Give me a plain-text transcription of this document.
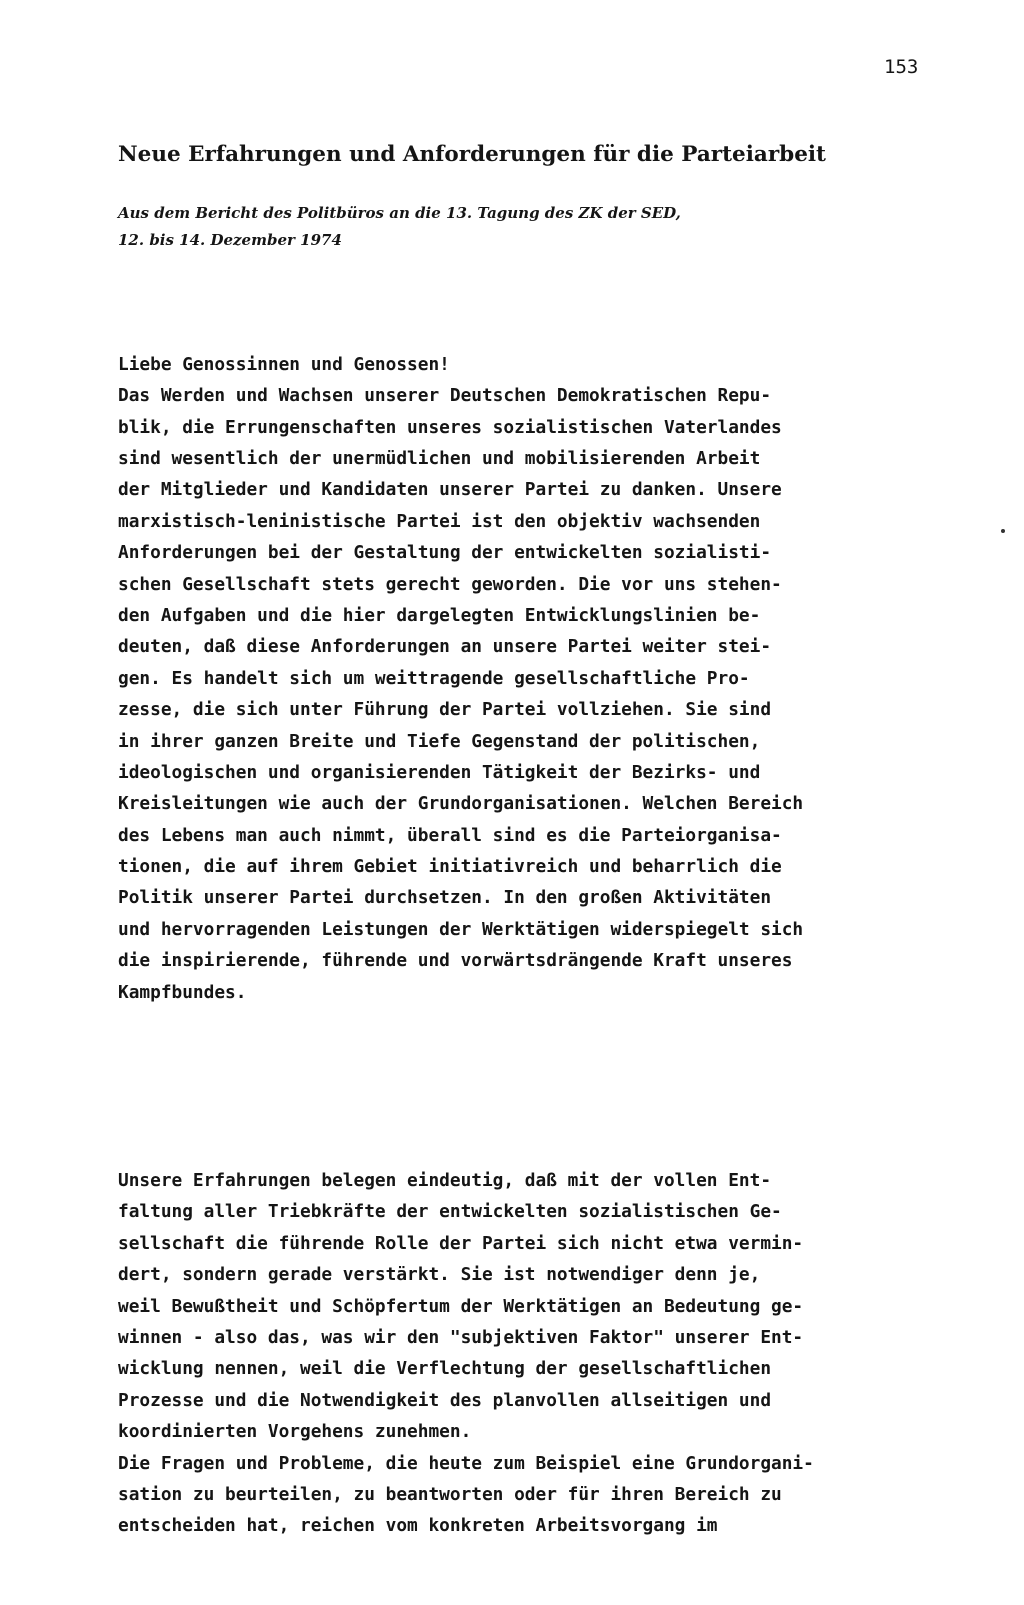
153
Neue Erfahrungen und Anforderungen für die Parteiarbeit
Aus dem Bericht des Politbüros an die 13. Tagung des ZK der SED,
12. bis 14. Dezember 1974

Liebe Genossinnen und Genossen!
Das Werden und Wachsen unserer Deutschen Demokratischen Repu-
blik, die Errungenschaften unseres sozialistischen Vaterlandes
sind wesentlich der unermüdlichen und mobilisierenden Arbeit
der Mitglieder und Kandidaten unserer Partei zu danken. Unsere
marxistisch-leninistische Partei ist den objektiv wachsenden
Anforderungen bei der Gestaltung der entwickelten sozialisti-
schen Gesellschaft stets gerecht geworden. Die vor uns stehen-
den Aufgaben und die hier dargelegten Entwicklungslinien be-
deuten, daß diese Anforderungen an unsere Partei weiter stei-
gen. Es handelt sich um weittragende gesellschaftliche Pro-
zesse, die sich unter Führung der Partei vollziehen. Sie sind
in ihrer ganzen Breite und Tiefe Gegenstand der politischen,
ideologischen und organisierenden Tätigkeit der Bezirks- und
Kreisleitungen wie auch der Grundorganisationen. Welchen Bereich
des Lebens man auch nimmt, überall sind es die Parteiorganisa-
tionen, die auf ihrem Gebiet initiativreich und beharrlich die
Politik unserer Partei durchsetzen. In den großen Aktivitäten
und hervorragenden Leistungen der Werktätigen widerspiegelt sich
die inspirierende, führende und vorwärtsdrängende Kraft unseres
Kampfbundes.

Unsere Erfahrungen belegen eindeutig, daß mit der vollen Ent-
faltung aller Triebkräfte der entwickelten sozialistischen Ge-
sellschaft die führende Rolle der Partei sich nicht etwa vermin-
dert, sondern gerade verstärkt. Sie ist notwendiger denn je,
weil Bewußtheit und Schöpfertum der Werktätigen an Bedeutung ge-
winnen - also das, was wir den "subjektiven Faktor" unserer Ent-
wicklung nennen, weil die Verflechtung der gesellschaftlichen
Prozesse und die Notwendigkeit des planvollen allseitigen und
koordinierten Vorgehens zunehmen.
Die Fragen und Probleme, die heute zum Beispiel eine Grundorgani-
sation zu beurteilen, zu beantworten oder für ihren Bereich zu
entscheiden hat, reichen vom konkreten Arbeitsvorgang im
